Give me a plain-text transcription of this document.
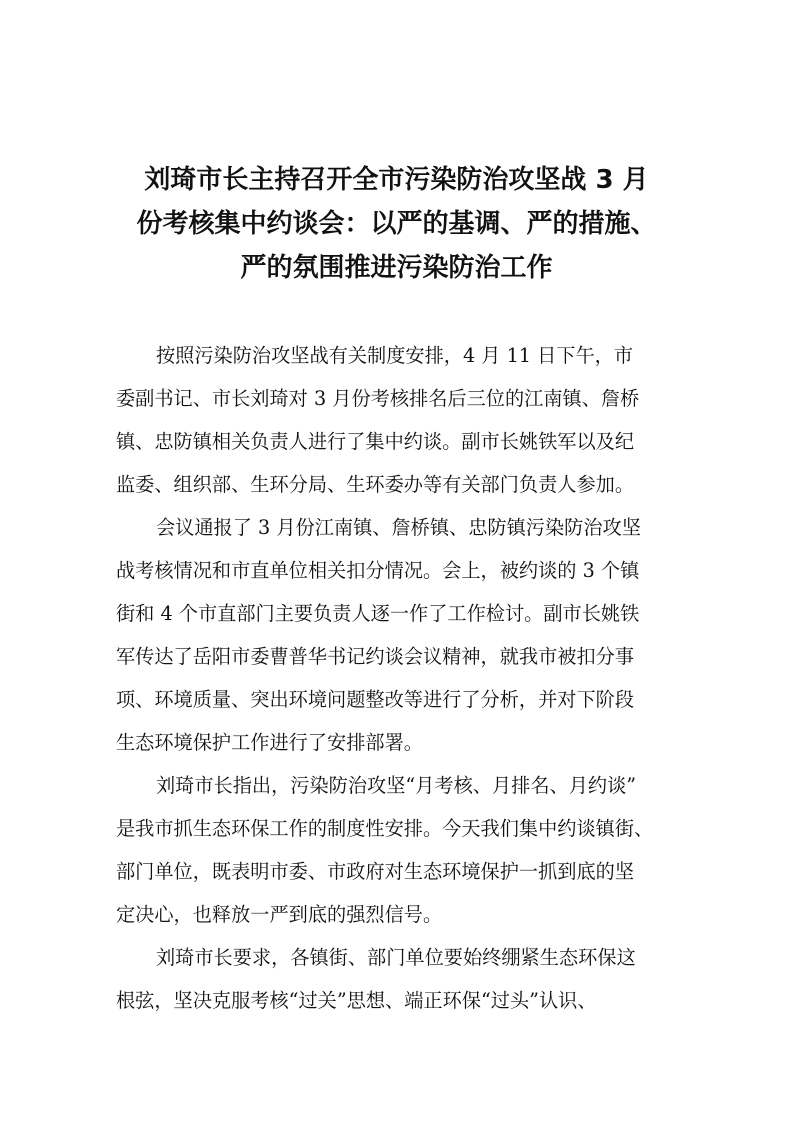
刘琦市长主持召开全市污染防治攻坚战 3 月
份考核集中约谈会：以严的基调、严的措施、
严的氛围推进污染防治工作
按照污染防治攻坚战有关制度安排，4 月 11 日下午，市
委副书记、市长刘琦对 3 月份考核排名后三位的江南镇、詹桥
镇、忠防镇相关负责人进行了集中约谈。副市长姚铁军以及纪
监委、组织部、生环分局、生环委办等有关部门负责人参加。
会议通报了 3 月份江南镇、詹桥镇、忠防镇污染防治攻坚
战考核情况和市直单位相关扣分情况。会上，被约谈的 3 个镇
街和 4 个市直部门主要负责人逐一作了工作检讨。副市长姚铁
军传达了岳阳市委曹普华书记约谈会议精神，就我市被扣分事
项、环境质量、突出环境问题整改等进行了分析，并对下阶段
生态环境保护工作进行了安排部署。
刘琦市长指出，污染防治攻坚“月考核、月排名、月约谈”
是我市抓生态环保工作的制度性安排。今天我们集中约谈镇街、
部门单位，既表明市委、市政府对生态环境保护一抓到底的坚
定决心，也释放一严到底的强烈信号。
刘琦市长要求，各镇街、部门单位要始终绷紧生态环保这
根弦，坚决克服考核“过关”思想、端正环保“过头”认识、
